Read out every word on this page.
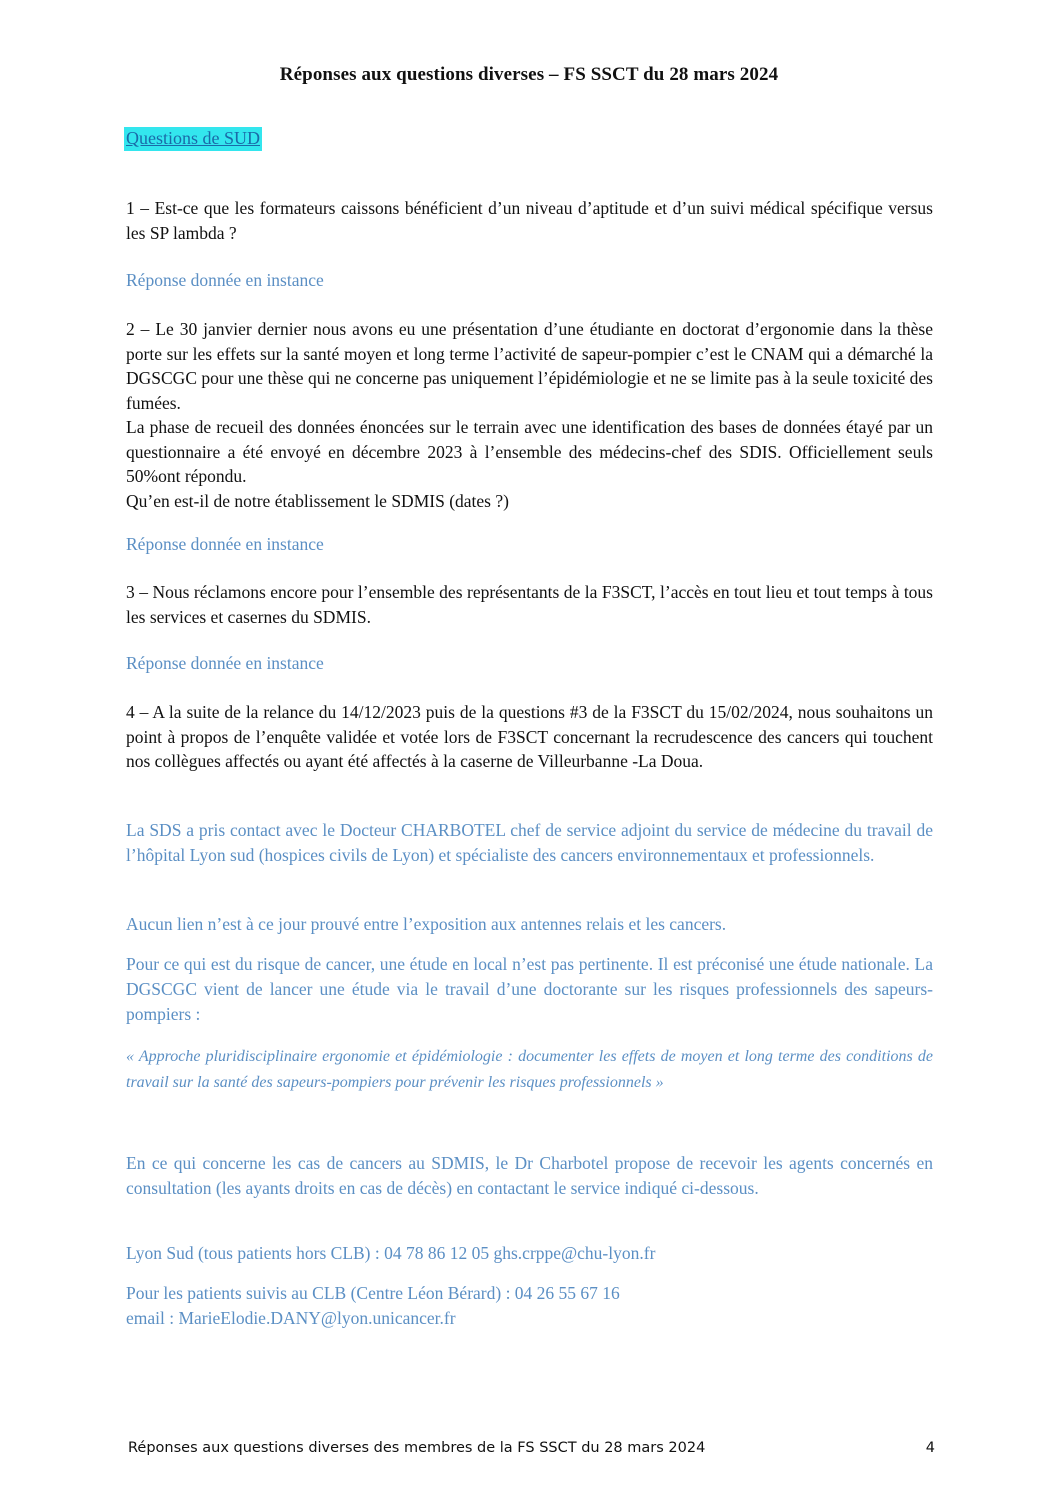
Réponses aux questions diverses – FS SSCT du 28 mars 2024
Questions de SUD

1 – Est-ce que les formateurs caissons bénéficient d’un niveau d’aptitude et d’un suivi médical spécifique versus les SP lambda ?

Réponse donnée en instance

2 – Le 30 janvier dernier nous avons eu une présentation d’une étudiante en doctorat d’ergonomie dans la thèse porte sur les effets sur la santé moyen et long terme l’activité de sapeur-pompier c’est le CNAM qui a démarché la DGSCGC pour une thèse qui ne concerne pas uniquement l’épidémiologie et ne se limite pas à la seule toxicité des fumées.

La phase de recueil des données énoncées sur le terrain avec une identification des bases de données étayé par un questionnaire a été envoyé en décembre 2023 à l’ensemble des médecins-chef des SDIS. Officiellement seuls 50%ont répondu.

Qu’en est-il de notre établissement le SDMIS (dates ?)

Réponse donnée en instance

3 – Nous réclamons encore pour l’ensemble des représentants de la F3SCT, l’accès en tout lieu et tout temps à tous les services et casernes du SDMIS.

Réponse donnée en instance

4 – A la suite de la relance du 14/12/2023 puis de la questions #3 de la F3SCT du 15/02/2024, nous souhaitons un point à propos de l’enquête validée et votée lors de F3SCT concernant la recrudescence des cancers qui touchent nos collègues affectés ou ayant été affectés à la caserne de Villeurbanne -La Doua.

La SDS a pris contact avec le Docteur CHARBOTEL chef de service adjoint du service de médecine du travail de l’hôpital Lyon sud (hospices civils de Lyon) et spécialiste des cancers environnementaux et professionnels.

Aucun lien n’est à ce jour prouvé entre l’exposition aux antennes relais et les cancers.

Pour ce qui est du risque de cancer, une étude en local n’est pas pertinente. Il est préconisé une étude nationale. La DGSCGC vient de lancer une étude via le travail d’une doctorante sur les risques professionnels des sapeurs-pompiers :

« Approche pluridisciplinaire ergonomie et épidémiologie : documenter les effets de moyen et long terme des conditions de travail sur la santé des sapeurs-pompiers pour prévenir les risques professionnels »

En ce qui concerne les cas de cancers au SDMIS, le Dr Charbotel propose de recevoir les agents concernés en consultation (les ayants droits en cas de décès) en contactant le service indiqué ci-dessous.

Lyon Sud (tous patients hors CLB) : 04 78 86 12 05 ghs.crppe@chu-lyon.fr

Pour les patients suivis au CLB (Centre Léon Bérard) : 04 26 55 67 16

email : MarieElodie.DANY@lyon.unicancer.fr

Réponses aux questions diverses des membres de la FS SSCT du 28 mars 2024	4
